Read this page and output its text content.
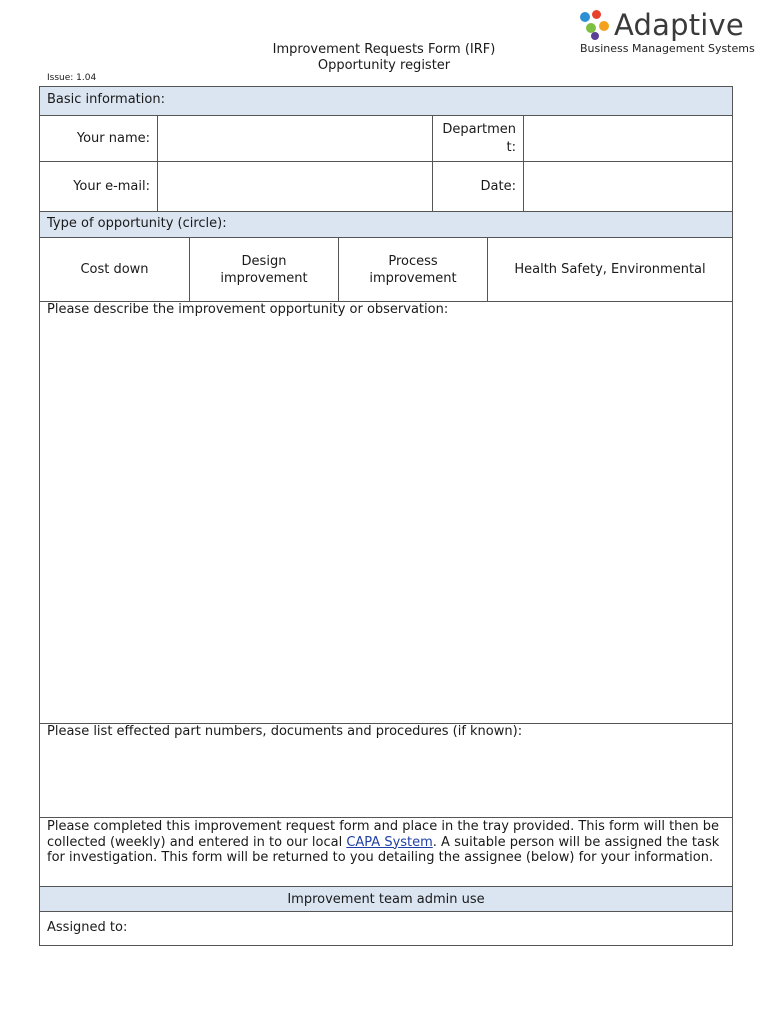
Adaptive
Business Management Systems
Improvement Requests Form (IRF)
Opportunity register
Issue: 1.04
Basic information:
Your name:
Department:
Your e-mail:	Date:
Type of opportunity (circle):
Cost down
Design improvement
Process improvement
Health Safety, Environmental
Please describe the improvement opportunity or observation:
Please list effected part numbers, documents and procedures (if known):
Please completed this improvement request form and place in the tray provided. This form will then be collected (weekly) and entered in to our local CAPA System. A suitable person will be assigned the task for investigation. This form will be returned to you detailing the assignee (below) for your information.
Improvement team admin use
Assigned to:
